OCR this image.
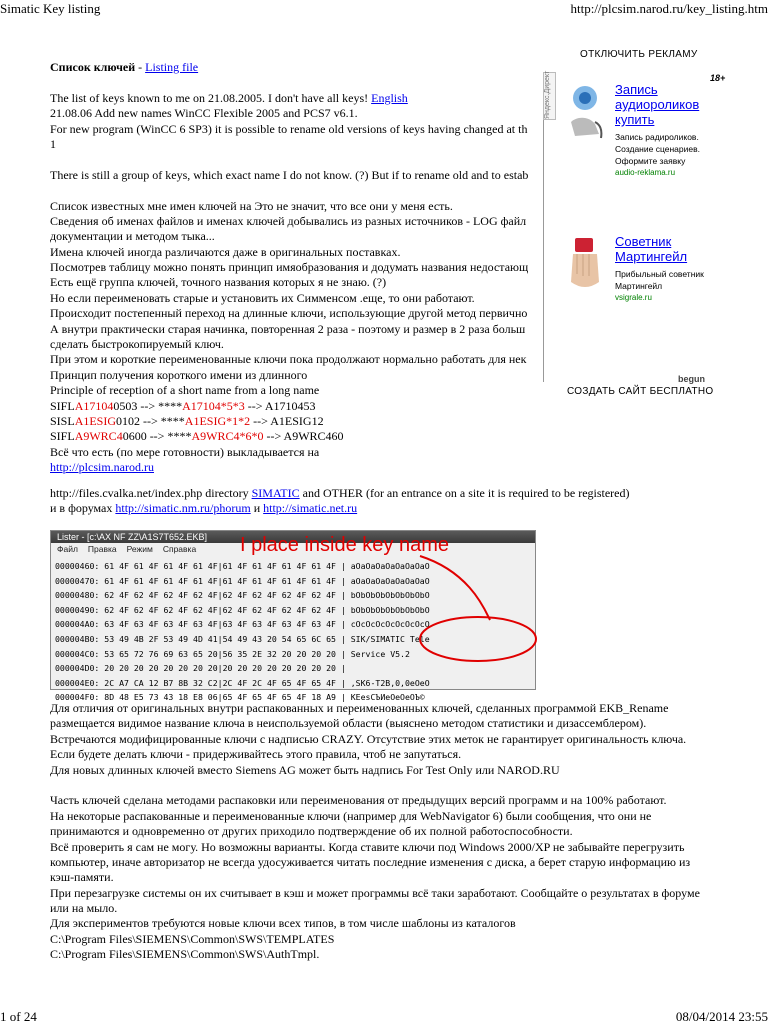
Simatic Key listing	http://plcsim.narod.ru/key_listing.htm
1 of 24	08/04/2014 23:55
Список ключей - Listing file
The list of keys known to me on 21.08.2005. I don't have all keys! English
21.08.06 Add new names WinCC Flexible 2005 and PCS7 v6.1.
For new program (WinCC 6 SP3) it is possible to rename old versions of keys having changed at th
1
There is still a group of keys, which exact name I do not know. (?) But if to rename old and to estab
Список известных мне имен ключей на Это не значит, что все они у меня есть.
Сведения об именах файлов и именах ключей добывались из разных источников - LOG файл
документации и методом тыка...
Имена ключей иногда различаются даже в оригинальных поставках.
Посмотрев таблицу можно понять принцип имяобразования и додумать названия недостающ
Есть ещё группа ключей, точного названия которых я не знаю. (?)
Но если переименовать старые и установить их Симменсом .еще, то они работают.
Происходит постепенный переход на длинные ключи, использующие другой метод первично
А внутри практически старая начинка, повторенная 2 раза - поэтому и размер в 2 раза больш
сделать быстрокопируемый ключ.
При этом и короткие переименованные ключи пока продолжают нормально работать для нек
Принцип получения короткого имени из длинного
Principle of reception of a short name from a long name
SIFLA171040503 --> ****A17104*5*3 --> A1710453
SISLA1ESIG0102 --> ****A1ESIG*1*2 --> A1ESIG12
SIFLA9WRC40600 --> ****A9WRC4*6*0 --> A9WRC460
Всё что есть (по мере готовности) выкладывается на
http://plcsim.narod.ru
http://files.cvalka.net/index.php directory SIMATIC and OTHER (for an entrance on a site it is required to be registered)
и в форумах http://simatic.nm.ru/phorum и http://simatic.net.ru
Lister - [c:\AX NF ZZ\A1S7T652.EKB]
Файл Правка Режим Справка
00000460: 61 4F 61 4F 61 4F 61 4F|61 4F 61 4F 61 4F 61 4F | aOaOaOaOaOaOaOaO
00000470: 61 4F 61 4F 61 4F 61 4F|61 4F 61 4F 61 4F 61 4F | aOaOaOaOaOaOaOaO
00000480: 62 4F 62 4F 62 4F 62 4F|62 4F 62 4F 62 4F 62 4F | bObObObObObObObO
00000490: 62 4F 62 4F 62 4F 62 4F|62 4F 62 4F 62 4F 62 4F | bObObObObObObObO
000004A0: 63 4F 63 4F 63 4F 63 4F|63 4F 63 4F 63 4F 63 4F | cOcOcOcOcOcOcOcO
000004B0: 53 49 4B 2F 53 49 4D 41|54 49 43 20 54 65 6C 65 | SIK/SIMATIC Tele
000004C0: 53 65 72 76 69 63 65 20|56 35 2E 32 20 20 20 20 | Service V5.2
000004D0: 20 20 20 20 20 20 20 20|20 20 20 20 20 20 20 20 |
000004E0: 2C A7 CA 12 B7 8B 32 C2|2C 4F 2C 4F 65 4F 65 4F | ,SK6-T2B,0,0eOeO
000004F0: 8D 48 E5 73 43 18 E8 06|65 4F 65 4F 65 4F 18 A9 | KEesCЪИeOeOeOЪ©
I place inside key name
Для отличия от оригинальных внутри распакованных и переименованных ключей, сделанных программой EKB_Rename
размещается видимое название ключа в неиспользуемой области (выяснено методом статистики и дизассемблером).
Встречаются модифицированные ключи с надписью CRAZY. Отсутствие этих меток не гарантирует оригинальность ключа.
Если будете делать ключи - придерживайтесь этого правила, чтоб не запутаться.
Для новых длинных ключей вместо Siemens AG может быть надпись For Test Only или NAROD.RU
Часть ключей сделана методами распаковки или переименования от предыдущих версий программ и на 100% работают.
На некоторые распакованные и переименованные ключи (например для WebNavigator 6) были сообщения, что они не
принимаются и одновременно от других приходило подтверждение об их полной работоспособности.
Всё проверить я сам не могу. Но возможны варианты. Когда ставите ключи под Windows 2000/XP не забывайте перегрузить
компьютер, иначе авторизатор не всегда удосуживается читать последние изменения с диска, а берет старую информацию из
кэш-памяти.
При перезагрузке системы он их считывает в кэш и может программы всё таки заработают. Сообщайте о результатах в форуме
или на мыло.
Для экспериментов требуются новые ключи всех типов, в том числе шаблоны из каталогов
C:\Program Files\SIEMENS\Common\SWS\TEMPLATES
C:\Program Files\SIEMENS\Common\SWS\AuthTmpl.
ОТКЛЮЧИТЬ РЕКЛАМУ
Яндекс.Директ	18+
Запись аудиороликов купить
Запись радироликов. Создание сценариев. Оформите заявку
audio-reklama.ru
Советник Мартингейл
Прибыльный советник Мартингейл
vsigrale.ru
begun
СОЗДАТЬ САЙТ БЕСПЛАТНО
